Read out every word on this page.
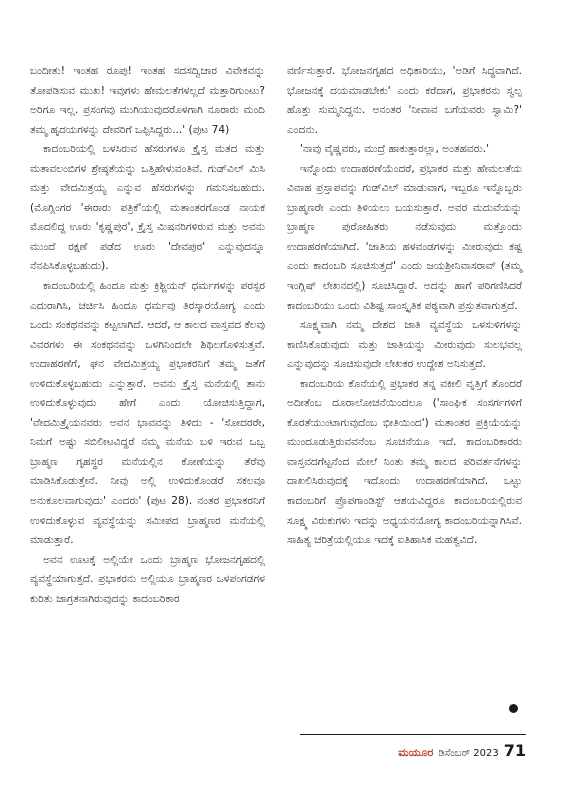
ಬಂದೀತು! ಇಂತಹ ರೂಪು! ಇಂತಹ ಸದಸದ್ವಿಚಾರ ವಿವೇಕವನ್ನು ತೋಪಡಿಸುವ ಮುಖ! ಇವುಗಳು ಹೇಮಲತೆಗಳಲ್ಲದೆ ಮತ್ತಾರಿಗುಂಟು? ಅರಿಗೂ ಇಲ್ಲ. ಪ್ರಸಂಗವು ಮುಗಿಯುವುದರೊಳಗಾಗಿ ನೂರಾರು ಮಂದಿ ತಮ್ಮ ಹೃದಯಗಳನ್ನು ದೇವರಿಗೆ ಒಪ್ಪಿಸಿದ್ದರು...' (ಪುಟ 74)

ಕಾದಂಬರಿಯಲ್ಲಿ ಬಳಸಿರುವ ಹೆಸರುಗಳೂ ಕ್ರೈಸ್ತ ಮತದ ಮತ್ತು ಮತಾವಲಂಬಿಗಳ ಶ್ರೇಷ್ಠತೆಯನ್ನು ಒತ್ತಿಹೇಳುವಂತಿವೆ. ಗುಡ್‌ವಿಲ್ ಮಿಸಿ ಮತ್ತು ವೇದಮಿತ್ರಯ್ಯ ಎನ್ನುವ ಹೆಸರುಗಳನ್ನು ಗಮನಿಸಬಹುದು. (ಮೊಗ್ಲಿಂಗರ 'ಈರಾರು ಪತ್ರಿಕೆ'ಯಲ್ಲಿ ಮತಾಂತರಗೊಂಡ ನಾಯಕ ಮೊದಲಿದ್ದ ಊರು 'ಕೃಷ್ಣಪುರ', ಕ್ರೈಸ್ತ ಮಿಷನರಿಗಳಿರುವ ಮತ್ತು ಅವನು ಮುಂದೆ ರಕ್ಷಣೆ ಪಡೆದ ಊರು 'ದೇವಪುರ' ಎನ್ನುವುದನ್ನೂ ನೆನಪಿಸಿಕೊಳ್ಳಬಹುದು).

ಕಾದಂಬರಿಯಲ್ಲಿ ಹಿಂದೂ ಮತ್ತು ಕ್ರಿಶ್ಚಿಯನ್ ಧರ್ಮಗಳನ್ನು ಪರಸ್ಪರ ಎದುರಾಗಿಸಿ, ಚರ್ಚಿಸಿ ಹಿಂದೂ ಧರ್ಮವು ತಿರಸ್ಕಾರಯೋಗ್ಯ ಎಂದು ಒಂದು ಸಂಕಥನವನ್ನು ಕಟ್ಟಲಾಗಿದೆ. ಆದರೆ, ಆ ಕಾಲದ ವಾಸ್ತವದ ಕೆಲವು ವಿವರಗಳು ಈ ಸಂಕಥನವನ್ನು ಒಳಗಿನಿಂದಲೇ ಶಿಥಿಲಗೊಳಿಸುತ್ತವೆ. ಉದಾಹರಣೆಗೆ, ಘನ ವೇದಮಿತ್ರಯ್ಯ ಪ್ರಭಾಕರನಿಗೆ ತಮ್ಮ ಜತೆಗೆ ಉಳಿದುಕೊಳ್ಳಬಹುದು ಎನ್ನುತ್ತಾರೆ. ಅವನು ಕ್ರೈಸ್ತ ಮನೆಯಲ್ಲಿ ತಾನು ಉಳಿದುಕೊಳ್ಳುವುದು ಹೇಗೆ ಎಂದು ಯೋಚಿಸುತ್ತಿದ್ದಾಗ, 'ವೇದಮಿತ್ರೈಯನವರು ಅವನ ಭಾವವನ್ನು ತಿಳಿದು - 'ಸೋದರರೇ, ನಿಮಗೆ ಅಷ್ಟು ಸಬಿಲೀಟವಿದ್ದರೆ ನಮ್ಮ ಮನೆಯ ಬಳಿ ಇರುವ ಒಬ್ಬ ಬ್ರಾಹ್ಮಣ ಗೃಹಸ್ಥರ ಮನೆಯಲ್ಲಿನ ಕೋಣೆಯನ್ನು ತೆರೆವು ಮಾಡಿಸಿಕೊಡುತ್ತೇನೆ. ನೀವು ಅಲ್ಲಿ ಉಳಿದುಕೊಂಡರೆ ಸಕಲವೂ ಅನುಕೂಲವಾಗುವುದು' ಎಂದರು' (ಪುಟ 28). ನಂತರ ಪ್ರಭಾಕರನಿಗೆ ಉಳಿದುಕೊಳ್ಳುವ ವ್ಯವಸ್ಥೆಯನ್ನು ಸಮೀಪದ ಬ್ರಾಹ್ಮಣರ ಮನೆಯಲ್ಲಿ ಮಾಡುತ್ತಾರೆ.

ಅವನ ಊಟಕ್ಕೆ ಅಲ್ಲಿಯೇ ಒಂದು ಬ್ರಾಹ್ಮಣ ಭೋಜನಗೃಹದಲ್ಲಿ ವ್ಯವಸ್ಥೆಯಾಗುತ್ತದೆ. ಪ್ರಭಾಕರನು ಅಲ್ಲಿಯೂ ಬ್ರಾಹ್ಮಣರ ಒಳಪಂಗಡಗಳ ಕುರಿತು ಜಾಗ್ರತನಾಗಿರುವುದನ್ನು ಕಾದಂಬರಿಕಾರ

ವರ್ಣಿಸುತ್ತಾರೆ. ಭೋಜನಗೃಹದ ಅಧಿಕಾರಿಯು, 'ಅಡಿಗೆ ಸಿದ್ಧವಾಗಿದೆ. ಭೋಜನಕ್ಕೆ ದಯಮಾಡಬೇಕು' ಎಂದು ಕರೆದಾಗ, ಪ್ರಭಾಕರನು ಸ್ವಲ್ಪ ಹೊತ್ತು ಸುಮ್ಮನಿದ್ದನು. ಅನಂತರ 'ನೀವಾವ ಬಗೆಯವರು ಸ್ವಾಮಿ?' ಎಂದನು.

'ನಾವು ವೈಷ್ಣವರು, ಮುದ್ರೆ ಹಾಕುತ್ತಾರಲ್ಲಾ, ಅಂತಹವರು.'

ಇನ್ನೊಂದು ಉದಾಹರಣೆಯೆಂದರೆ, ಪ್ರಭಾಕರ ಮತ್ತು ಹೇಮಲತೆಯ ವಿವಾಹ ಪ್ರಸ್ತಾಪವನ್ನು ಗುಡ್‌ವಿಲ್ ಮಾಡುವಾಗ, ಇಬ್ಬರೂ ಇನ್ನೊಬ್ಬರು ಬ್ರಾಹ್ಮಣರೇ ಎಂದು ತಿಳಿಯಲು ಬಯಸುತ್ತಾರೆ. ಅವರ ಮದುವೆಯನ್ನು ಬ್ರಾಹ್ಮಣ ಪುರೋಹಿತರು ನಡೆಸುವುದು ಮತ್ತೊಂದು ಉದಾಹರಣೆಯಾಗಿದೆ. 'ಜಾತಿಯ ಹಳವಂಡಗಳನ್ನು ಮೀರುವುದು ಕಷ್ಟ ಎಂದು ಕಾದಂಬರಿ ಸೂಚಿಸುತ್ತದೆ' ಎಂದು ಜಯಶ್ರೀನಿವಾಸರಾವ್ (ತಮ್ಮ ಇಂಗ್ಲಿಷ್ ಲೇಖನದಲ್ಲಿ) ಸೂಚಿಸಿದ್ದಾರೆ. ಅದನ್ನು ಹಾಗೆ ಪರಿಗಣಿಸಿದರೆ ಕಾದಂಬರಿಯು ಒಂದು ವಿಶಿಷ್ಟ ಸಾಂಸ್ಕೃತಿಕ ಪಠ್ಯವಾಗಿ ಪ್ರಸ್ತುತವಾಗುತ್ತದೆ.

ಸೂಕ್ಷ್ಮವಾಗಿ ನಮ್ಮ ದೇಶದ ಜಾತಿ ವ್ಯವಸ್ಥೆಯ ಒಳಸುಳಿಗಳನ್ನು ಕಾಣಿಸಿಕೊಡುವುದು ಮತ್ತು ಜಾತಿಯನ್ನು ಮೀರುವುದು ಸುಲಭವಲ್ಲ ಎನ್ನುವುದನ್ನು ಸೂಚಿಸುವುದೇ ಲೇಖಕರ ಉದ್ದೇಶ ಅನಿಸುತ್ತದೆ.

ಕಾದಂಬರಿಯ ಕೊನೆಯಲ್ಲಿ ಪ್ರಭಾಕರ ತನ್ನ ವಕೀಲಿ ವೃತ್ತಿಗೆ ತೊಂದರೆ ಅದೀತೆಂಬ ದೂರಾಲೋಚನೆಯಿಂದಲೂ ('ಸಾಂಘಿಕ ಸಂಸರ್ಗಗಳಿಗೆ ಕೊರತೆಯುಂಟಾಗುವುದೆಂಬ ಭೀತಿಯಿಂದ') ಮತಾಂತರ ಪ್ರಕ್ರಿಯೆಯನ್ನು ಮುಂದೂಡುತ್ತಿರುವವನೆಂಬ ಸೂಚನೆಯೂ ಇದೆ. ಕಾದಂಬರಿಕಾರರು ವಾಸ್ತವದಗೆಟ್ಟನೆಂದ ಮೇಲೆ ನಿಂತು ತಮ್ಮ ಕಾಲದ ಪರಿವರ್ತನೆಗಳನ್ನು ದಾಖಲಿಸಿರುವುದಕ್ಕೆ ಇದೊಂದು ಉದಾಹರಣೆಯಾಗಿದೆ. ಒಟ್ಟು ಕಾದಂಬರಿಗೆ ಪ್ರೊಪಗಾಂಡಿಸ್ಟ್ ಆಶಯವಿದ್ದರೂ ಕಾದಂಬರಿಯಲ್ಲಿರುವ ಸೂಕ್ಷ್ಮ ವಿರುಕುಗಳು ಇದನ್ನು ಅಧ್ಯಯನಯೋಗ್ಯ ಕಾದಂಬರಿಯನ್ನಾಗಿಸಿವೆ. ಸಾಹಿತ್ಯ ಚರಿತ್ರೆಯಲ್ಲಿಯೂ ಇದಕ್ಕೆ ಐತಿಹಾಸಿಕ ಮಹತ್ವವಿದೆ.

ಮಯೂರ ಡಿಸೆಂಬರ್ 2023 71
